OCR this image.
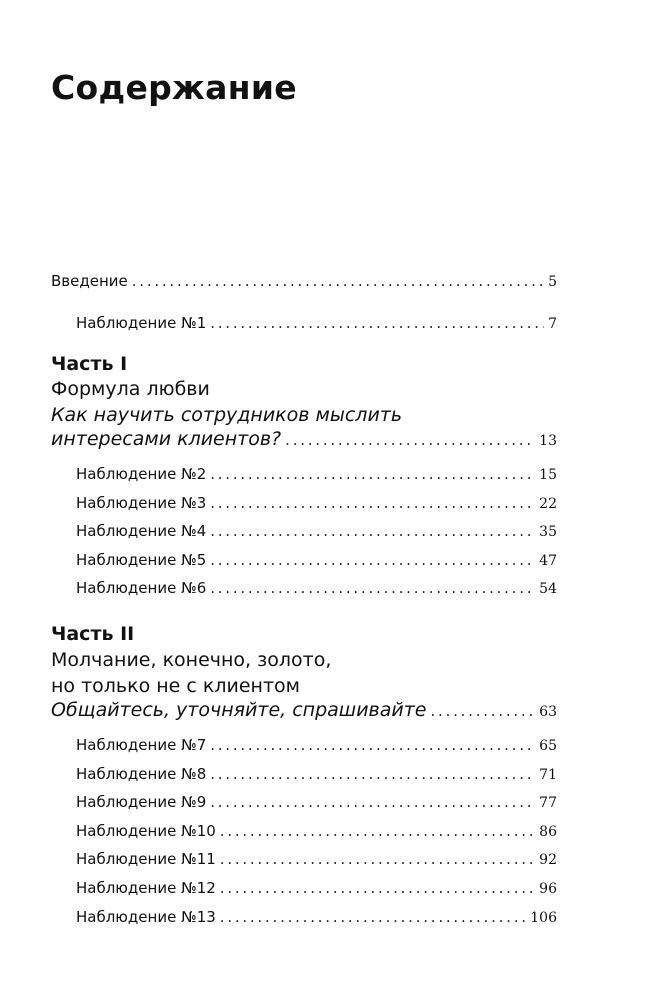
Содержание
Введение . . .	5
Наблюдение №1 . . .	7
Часть I
Формула любви
Как научить сотрудников мыслить
интересами клиентов? . . .	13
Наблюдение №2 . . .	15
Наблюдение №3 . . .	22
Наблюдение №4 . . .	35
Наблюдение №5 . . .	47
Наблюдение №6 . . .	54
Часть II
Молчание, конечно, золото,
но только не с клиентом
Общайтесь, уточняйте, спрашивайте . . .	63
Наблюдение №7 . . .	65
Наблюдение №8 . . .	71
Наблюдение №9 . . .	77
Наблюдение №10 . . .	86
Наблюдение №11 . . .	92
Наблюдение №12 . . .	96
Наблюдение №13 . . .	106
